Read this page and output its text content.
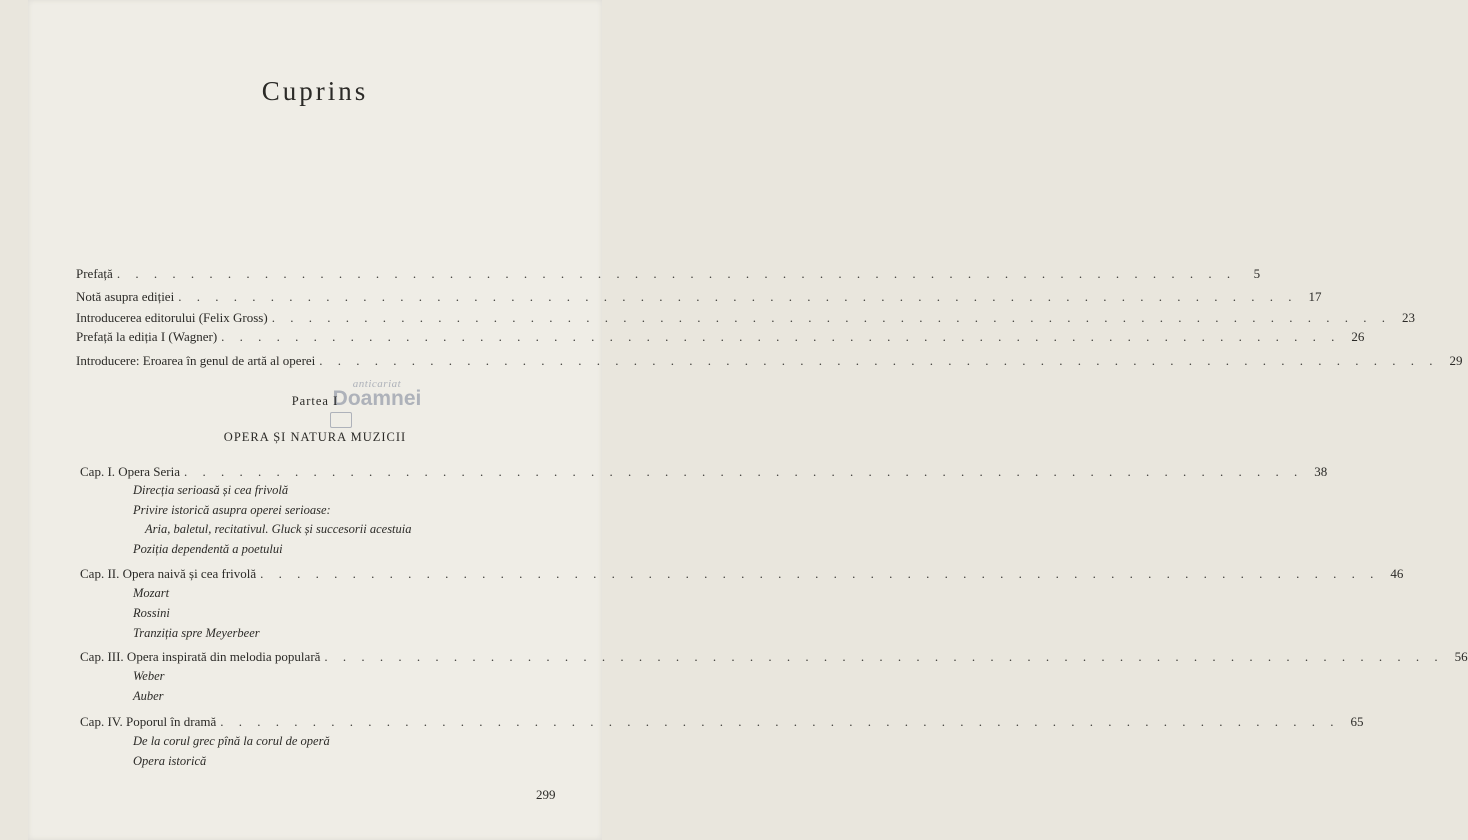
Cuprins
Prefață . . . . . . . . . . . . . . . . . . . . . . . . . . . . . . . . . . . . . . . . . . . . . . . . . . . . . . . . . . . . .	5
Notă asupra ediției . . . . . . . . . . . . . . . . . . . . . . . . . . . . . . . . . . . . . . . . . . . . . . . . . . . . . . . . . . . . . 17
Introducerea editorului (Felix Gross) . . . . . . . . . . . . . . . . . . . . . . . . . . . . . . . . . . . . . . . . . . . . . . . . . . . . . . . . . . . . . 23
Prefață la ediția I (Wagner) . . . . . . . . . . . . . . . . . . . . . . . . . . . . . . . . . . . . . . . . . . . . . . . . . . . . . . . . . . . . . 26
Introducere: Eroarea în genul de artă al operei . . . . . . . . . . . . . . . . . . . . . . . . . . . . . . . . . . . . . . . . . . . . . . . . . . . . . . . . . . . . . 29
anticariat
Doamnei
Partea I
OPERA ȘI NATURA MUZICII
Cap. I. Opera Seria . . . . . . . . . . . . . . . . . . . . . . . . . . . . . . . . . . . . . . . . . . . . . . . . . . . . . . . . . . . . . 38
Direcția serioasă și cea frivolă
Privire istorică asupra operei serioase:
Aria, baletul, recitativul. Gluck și succesorii acestuia
Poziția dependentă a poetului
Cap. II. Opera naivă și cea frivolă . . . . . . . . . . . . . . . . . . . . . . . . . . . . . . . . . . . . . . . . . . . . . . . . . . . . . . . . . . . . . 46
Mozart
Rossini
Tranziția spre Meyerbeer
Cap. III. Opera inspirată din melodia populară . . . . . . . . . . . . . . . . . . . . . . . . . . . . . . . . . . . . . . . . . . . . . . . . . . . . . . . . . . . . . 56
Weber
Auber
Cap. IV. Poporul în dramă . . . . . . . . . . . . . . . . . . . . . . . . . . . . . . . . . . . . . . . . . . . . . . . . . . . . . . . . . . . . . 65
De la corul grec pînă la corul de operă
Opera istorică
299
